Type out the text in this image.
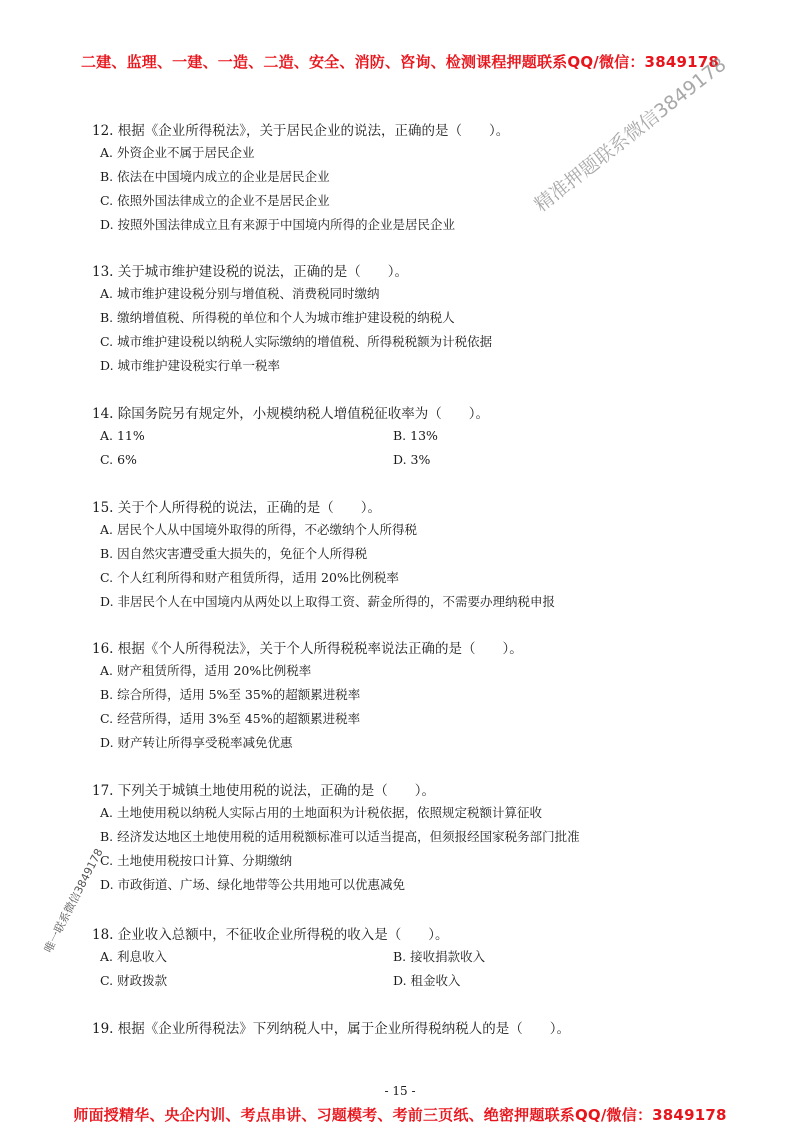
二建、监理、一建、一造、二造、安全、消防、咨询、检测课程押题联系QQ/微信：3849178

12. 根据《企业所得税法》，关于居民企业的说法，正确的是（　　）。

A. 外资企业不属于居民企业
B. 依法在中国境内成立的企业是居民企业
C. 依照外国法律成立的企业不是居民企业
D. 按照外国法律成立且有来源于中国境内所得的企业是居民企业

13. 关于城市维护建设税的说法，正确的是（　　）。

A. 城市维护建设税分别与增值税、消费税同时缴纳
B. 缴纳增值税、所得税的单位和个人为城市维护建设税的纳税人
C. 城市维护建设税以纳税人实际缴纳的增值税、所得税税额为计税依据
D. 城市维护建设税实行单一税率

14. 除国务院另有规定外，小规模纳税人增值税征收率为（　　）。

A. 11%	B. 13%
C. 6%	D. 3%

15. 关于个人所得税的说法，正确的是（　　）。

A. 居民个人从中国境外取得的所得，不必缴纳个人所得税
B. 因自然灾害遭受重大损失的，免征个人所得税
C. 个人红利所得和财产租赁所得，适用 20%比例税率
D. 非居民个人在中国境内从两处以上取得工资、薪金所得的，不需要办理纳税申报

16. 根据《个人所得税法》，关于个人所得税税率说法正确的是（　　）。

A. 财产租赁所得，适用 20%比例税率
B. 综合所得，适用 5%至 35%的超额累进税率
C. 经营所得，适用 3%至 45%的超额累进税率
D. 财产转让所得享受税率减免优惠

17. 下列关于城镇土地使用税的说法，正确的是（　　）。

A. 土地使用税以纳税人实际占用的土地面积为计税依据，依照规定税额计算征收
B. 经济发达地区土地使用税的适用税额标准可以适当提高，但须报经国家税务部门批准
C. 土地使用税按口计算、分期缴纳
D. 市政街道、广场、绿化地带等公共用地可以优惠减免

18. 企业收入总额中，不征收企业所得税的收入是（　　）。

A. 利息收入	B. 接收捐款收入
C. 财政拨款	D. 租金收入

19. 根据《企业所得税法》下列纳税人中，属于企业所得税纳税人的是（　　）。

精准押题联系微信3849178
唯一联系微信3849178
- 15 -
师面授精华、央企内训、考点串讲、习题模考、考前三页纸、绝密押题联系QQ/微信：3849178
